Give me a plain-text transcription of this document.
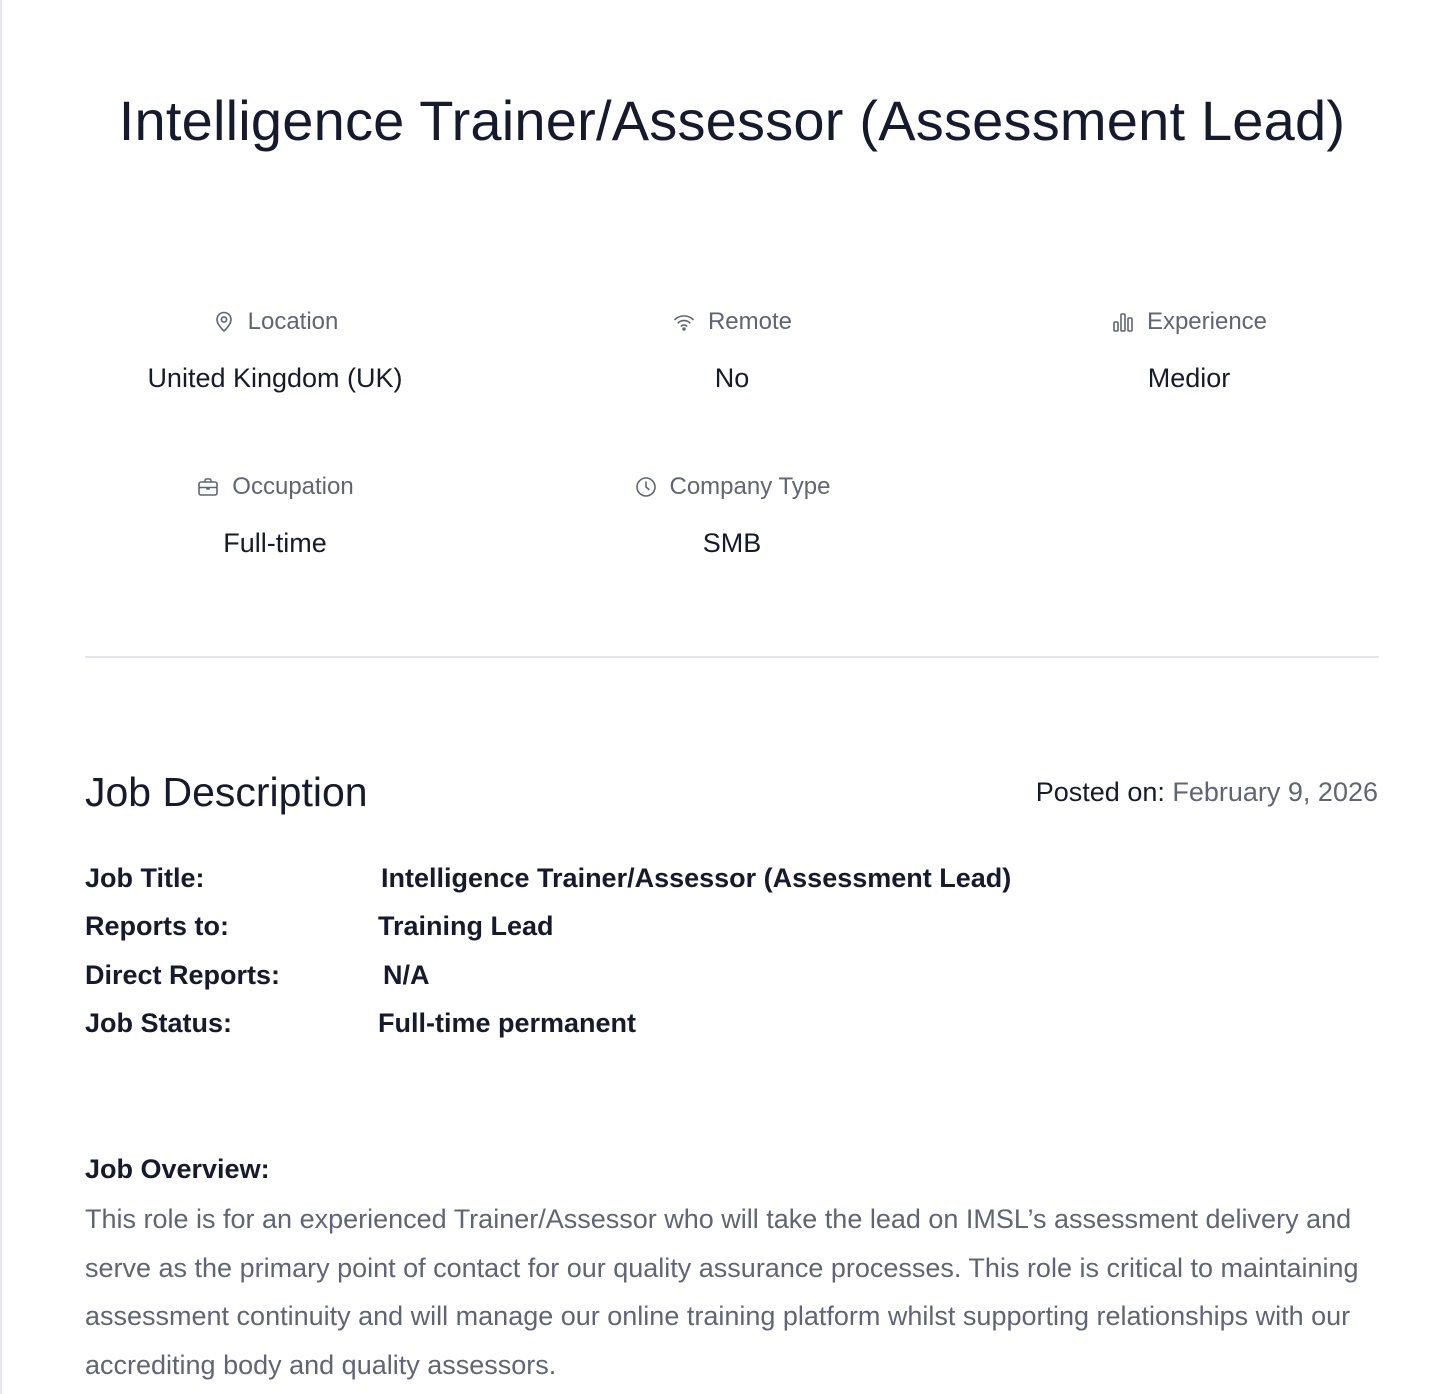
Intelligence Trainer/Assessor (Assessment Lead)
Location
United Kingdom (UK)
Remote
No
Experience
Medior
Occupation
Full-time
Company Type
SMB
Job Description	Posted on: February 9, 2026
Job Title:	Intelligence Trainer/Assessor (Assessment Lead)
Reports to:	Training Lead
Direct Reports:	N/A
Job Status:	Full-time permanent
Job Overview:

This role is for an experienced Trainer/Assessor who will take the lead on IMSL’s assessment delivery and serve as the primary point of contact for our quality assurance processes. This role is critical to maintaining assessment continuity and will manage our online training platform whilst supporting relationships with our accrediting body and quality assessors.
